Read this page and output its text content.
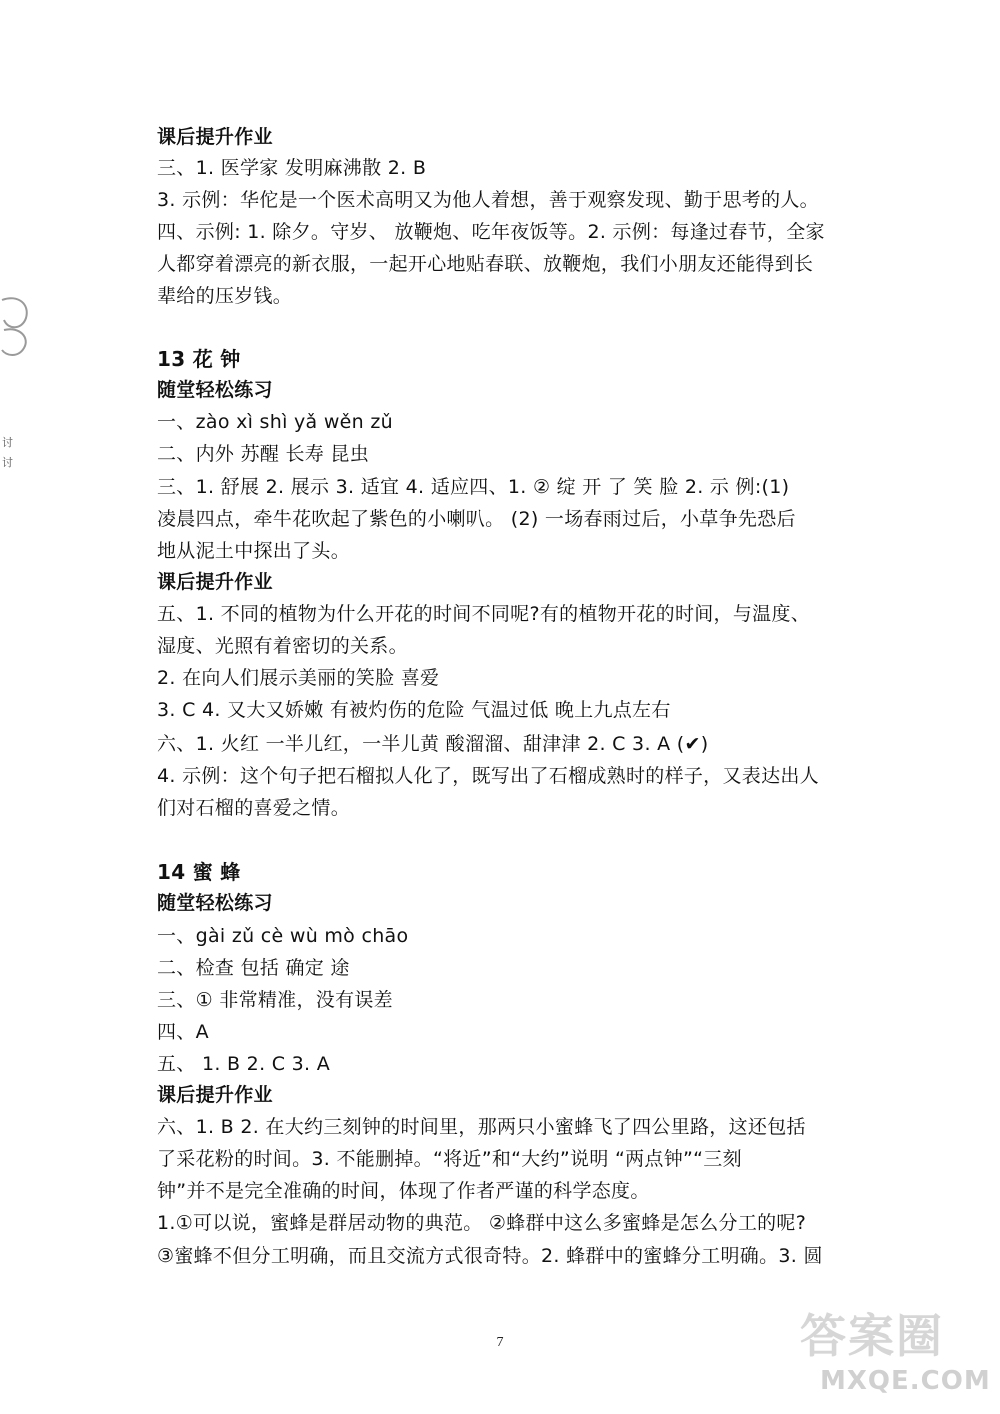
讨
讨
课后提升作业
三、1. 医学家 发明麻沸散 2. B
3. 示例：华佗是一个医术高明又为他人着想，善于观察发现、勤于思考的人。
四、示例: 1. 除夕。守岁、 放鞭炮、吃年夜饭等。2. 示例：每逢过春节，全家
人都穿着漂亮的新衣服，一起开心地贴春联、放鞭炮，我们小朋友还能得到长
辈给的压岁钱。
13 花 钟
随堂轻松练习
一、zào xì shì yǎ wěn zǔ
二、内外 苏醒 长寿 昆虫
三、1. 舒展 2. 展示 3. 适宜 4. 适应四、1. ② 绽 开 了 笑 脸 2. 示 例:(1)
凌晨四点，牵牛花吹起了紫色的小喇叭。 (2) 一场春雨过后，小草争先恐后
地从泥土中探出了头。
课后提升作业
五、1. 不同的植物为什么开花的时间不同呢?有的植物开花的时间，与温度、
湿度、光照有着密切的关系。
2. 在向人们展示美丽的笑脸 喜爱
3. C 4. 又大又娇嫩 有被灼伤的危险 气温过低 晚上九点左右
六、1. 火红 一半儿红，一半儿黄 酸溜溜、甜津津 2. C 3. A (✔)
4. 示例：这个句子把石榴拟人化了，既写出了石榴成熟时的样子，又表达出人
们对石榴的喜爱之情。
14 蜜 蜂
随堂轻松练习
一、gài zǔ cè wù mò chāo
二、检查 包括 确定 途
三、① 非常精准，没有误差
四、A
五、 1. B 2. C 3. A
课后提升作业
六、1. B 2. 在大约三刻钟的时间里，那两只小蜜蜂飞了四公里路，这还包括
了采花粉的时间。3. 不能删掉。“将近”和“大约”说明 “两点钟”“三刻
钟”并不是完全准确的时间，体现了作者严谨的科学态度。
1.①可以说，蜜蜂是群居动物的典范。 ②蜂群中这么多蜜蜂是怎么分工的呢?
③蜜蜂不但分工明确，而且交流方式很奇特。2. 蜂群中的蜜蜂分工明确。3. 圆
7	答案圈
MXQE.COM
